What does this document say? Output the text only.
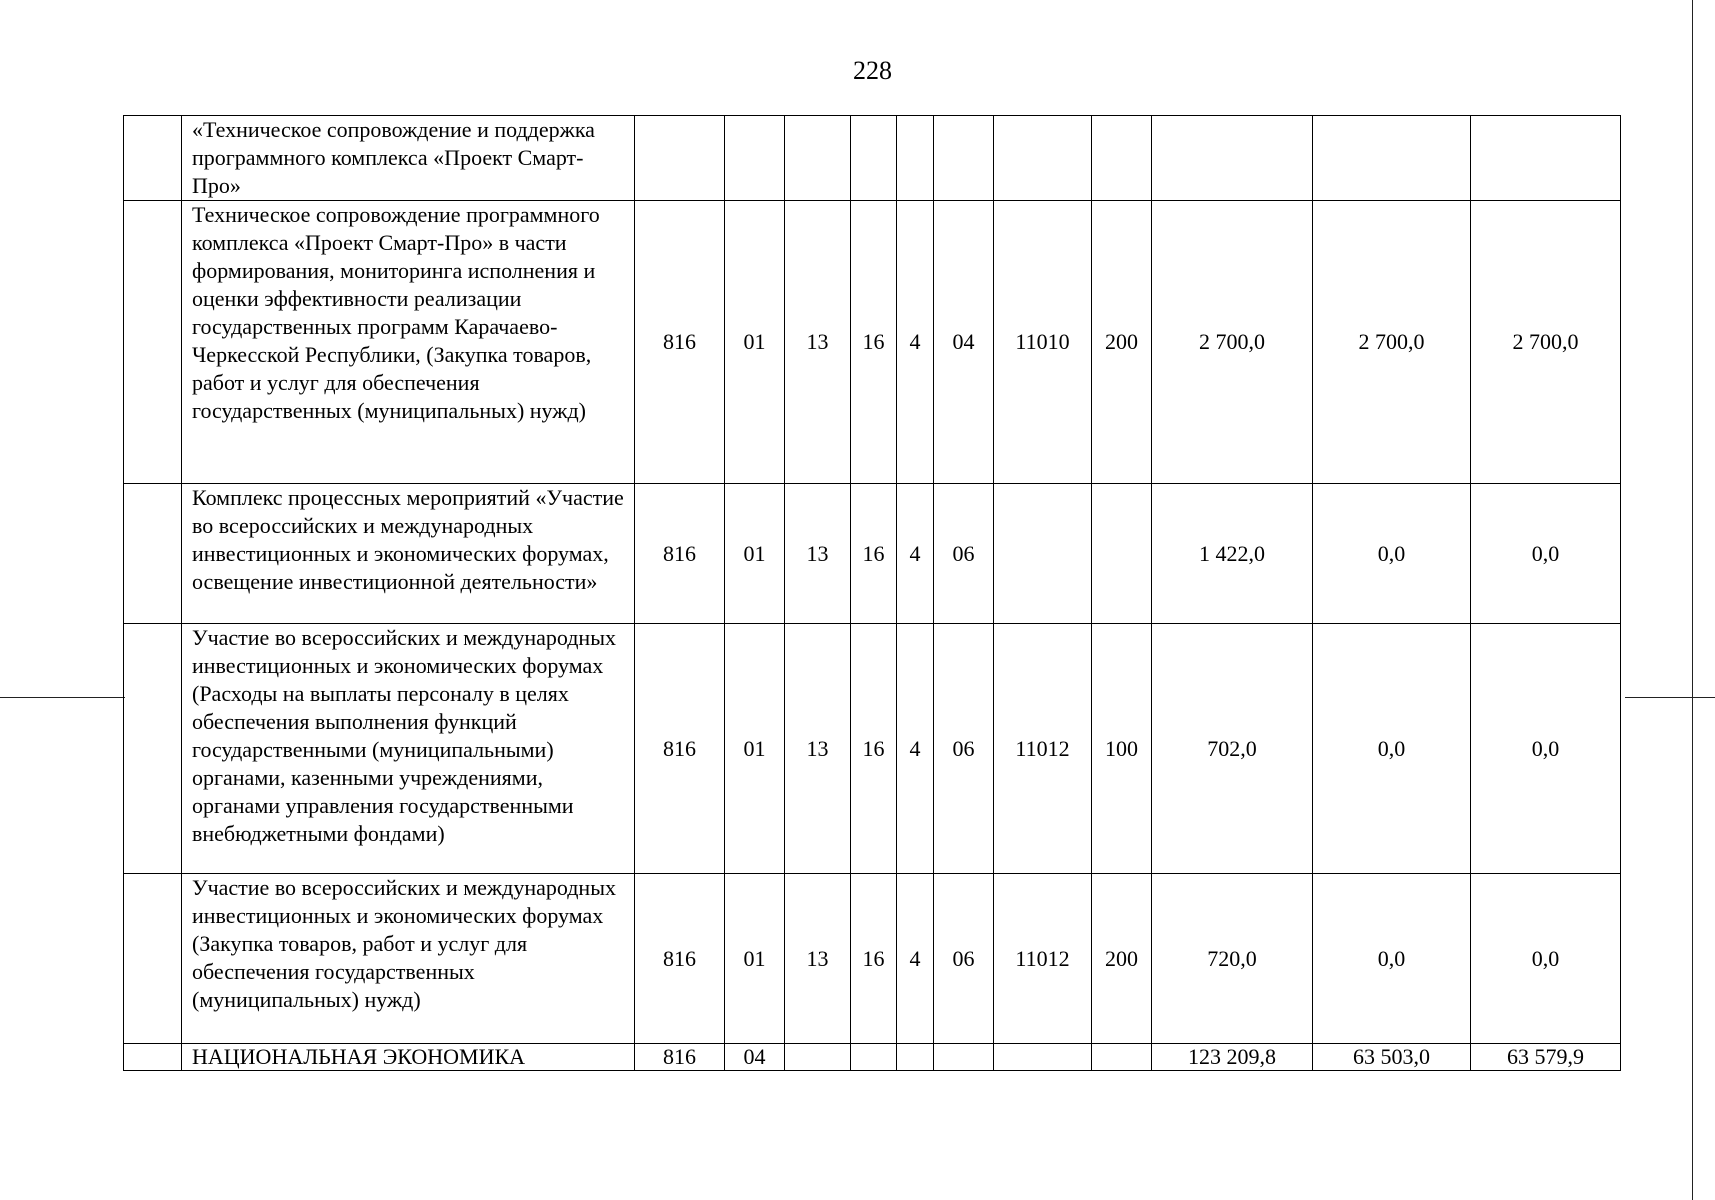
228
	«Техническое сопровождение и поддержка программного комплекса «Проект Смарт-Про»											
	Техническое сопровождение программного комплекса «Проект Смарт-Про» в части формирования, мониторинга исполнения и оценки эффективности реализации государственных программ Карачаево-Черкесской Республики, (Закупка товаров, работ и услуг для обеспечения государственных (муниципальных) нужд)	816	01	13	16	4	04	11010	200	2 700,0	2 700,0	2 700,0
	Комплекс процессных мероприятий «Участие во всероссийских и международных инвестиционных и экономических форумах, освещение инвестиционной деятельности»	816	01	13	16	4	06			1 422,0	0,0	0,0
	Участие во всероссийских и международных инвестиционных и экономических форумах (Расходы на выплаты персоналу в целях обеспечения выполнения функций государственными (муниципальными) органами, казенными учреждениями, органами управления государственными внебюджетными фондами)	816	01	13	16	4	06	11012	100	702,0	0,0	0,0
	Участие во всероссийских и международных инвестиционных и экономических форумах (Закупка товаров, работ и услуг для обеспечения государственных (муниципальных) нужд)	816	01	13	16	4	06	11012	200	720,0	0,0	0,0
	НАЦИОНАЛЬНАЯ ЭКОНОМИКА	816	04							123 209,8	63 503,0	63 579,9
